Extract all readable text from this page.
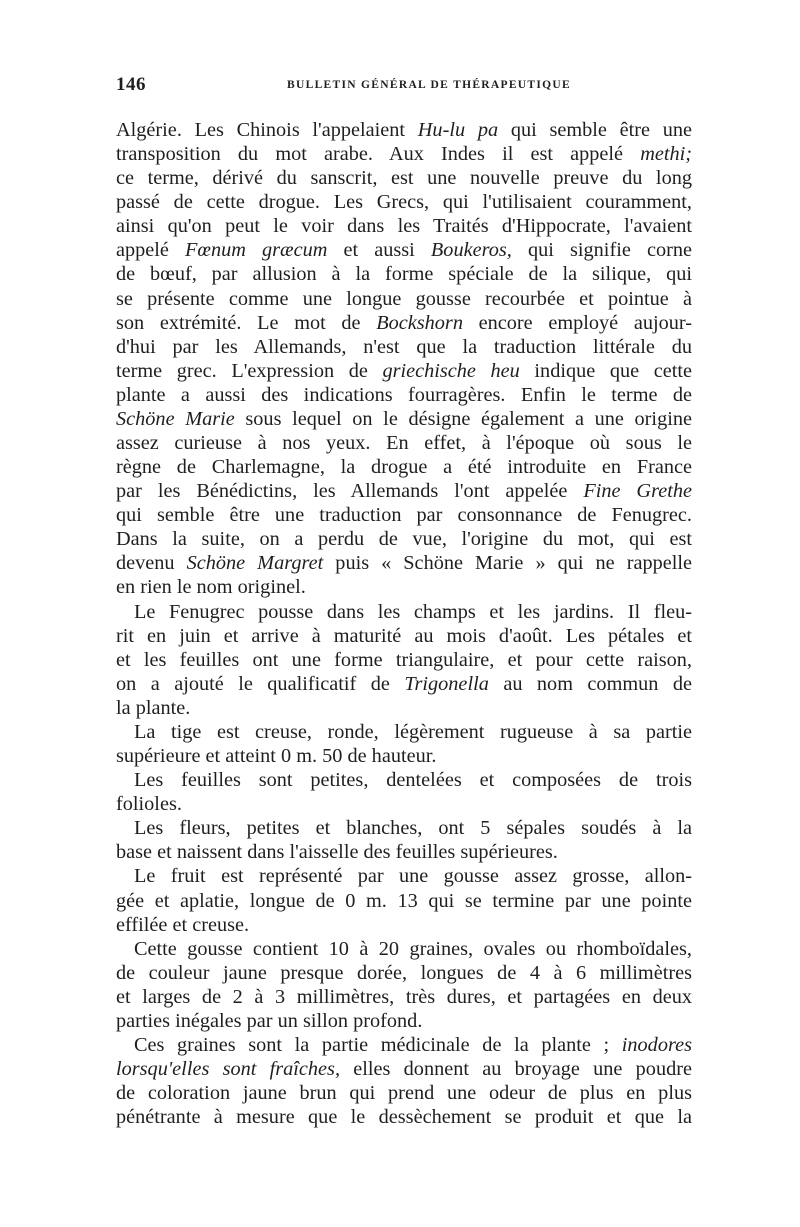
146	BULLETIN GÉNÉRAL DE THÉRAPEUTIQUE
Algérie. Les Chinois l'appelaient Hu-lu pa qui semble être une
transposition du mot arabe. Aux Indes il est appelé methi;
ce terme, dérivé du sanscrit, est une nouvelle preuve du long
passé de cette drogue. Les Grecs, qui l'utilisaient couramment,
ainsi qu'on peut le voir dans les Traités d'Hippocrate, l'avaient
appelé Fœnum græcum et aussi Boukeros, qui signifie corne
de bœuf, par allusion à la forme spéciale de la silique, qui
se présente comme une longue gousse recourbée et pointue à
son extrémité. Le mot de Bockshorn encore employé aujour-
d'hui par les Allemands, n'est que la traduction littérale du
terme grec. L'expression de griechische heu indique que cette
plante a aussi des indications fourragères. Enfin le terme de
Schöne Marie sous lequel on le désigne également a une origine
assez curieuse à nos yeux. En effet, à l'époque où sous le
règne de Charlemagne, la drogue a été introduite en France
par les Bénédictins, les Allemands l'ont appelée Fine Grethe
qui semble être une traduction par consonnance de Fenugrec.
Dans la suite, on a perdu de vue, l'origine du mot, qui est
devenu Schöne Margret puis « Schöne Marie » qui ne rappelle
en rien le nom originel.
Le Fenugrec pousse dans les champs et les jardins. Il fleu-
rit en juin et arrive à maturité au mois d'août. Les pétales et
et les feuilles ont une forme triangulaire, et pour cette raison,
on a ajouté le qualificatif de Trigonella au nom commun de
la plante.
La tige est creuse, ronde, légèrement rugueuse à sa partie
supérieure et atteint 0 m. 50 de hauteur.
Les feuilles sont petites, dentelées et composées de trois
folioles.
Les fleurs, petites et blanches, ont 5 sépales soudés à la
base et naissent dans l'aisselle des feuilles supérieures.
Le fruit est représenté par une gousse assez grosse, allon-
gée et aplatie, longue de 0 m. 13 qui se termine par une pointe
effilée et creuse.
Cette gousse contient 10 à 20 graines, ovales ou rhomboïdales,
de couleur jaune presque dorée, longues de 4 à 6 millimètres
et larges de 2 à 3 millimètres, très dures, et partagées en deux
parties inégales par un sillon profond.
Ces graines sont la partie médicinale de la plante ; inodores
lorsqu'elles sont fraîches, elles donnent au broyage une poudre
de coloration jaune brun qui prend une odeur de plus en plus
pénétrante à mesure que le dessèchement se produit et que la
